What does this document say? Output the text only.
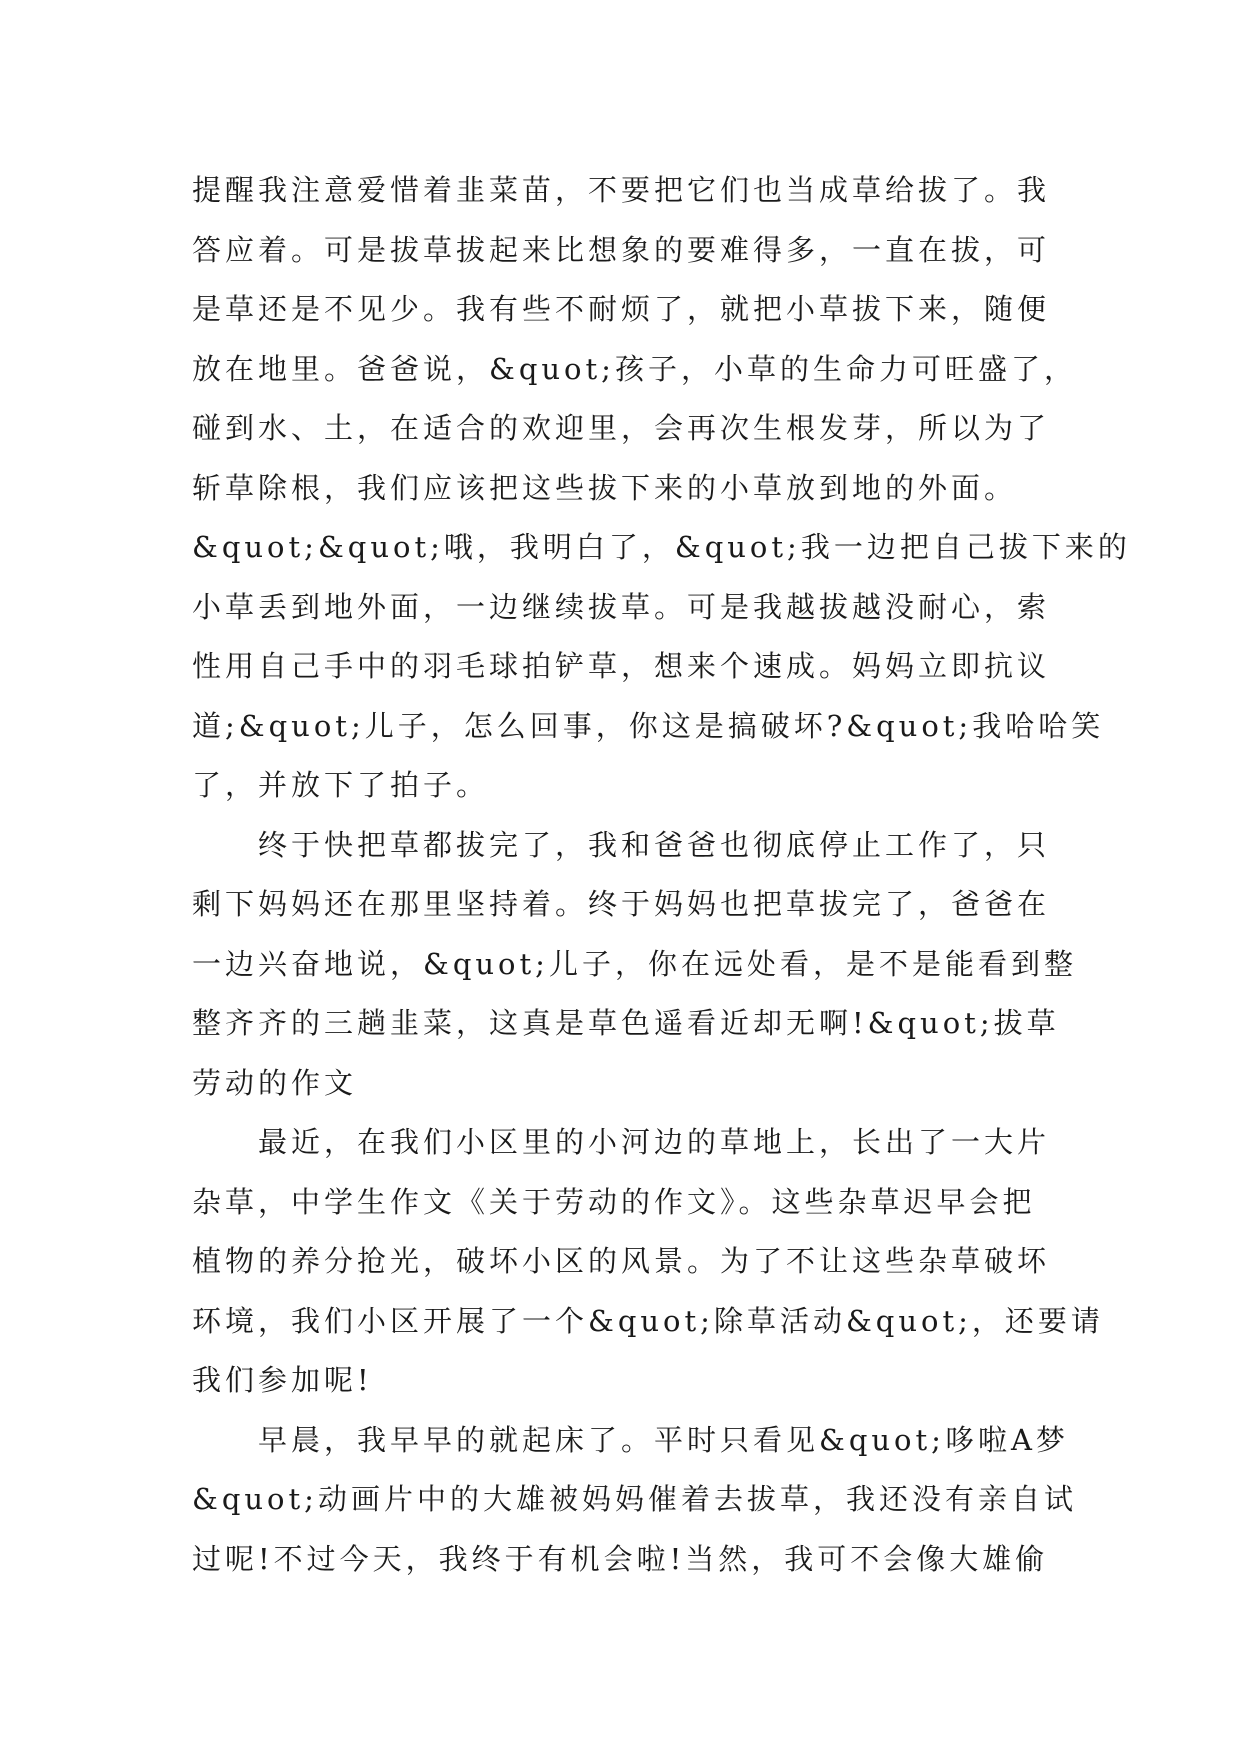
提醒我注意爱惜着韭菜苗，不要把它们也当成草给拔了。我
答应着。可是拔草拔起来比想象的要难得多，一直在拔，可
是草还是不见少。我有些不耐烦了，就把小草拔下来，随便
放在地里。爸爸说，&quot;孩子，小草的生命力可旺盛了，
碰到水、土，在适合的欢迎里，会再次生根发芽，所以为了
斩草除根，我们应该把这些拔下来的小草放到地的外面。
&quot;&quot;哦，我明白了，&quot;我一边把自己拔下来的
小草丢到地外面，一边继续拔草。可是我越拔越没耐心，索
性用自己手中的羽毛球拍铲草，想来个速成。妈妈立即抗议
道;&quot;儿子，怎么回事，你这是搞破坏?&quot;我哈哈笑
了，并放下了拍子。
终于快把草都拔完了，我和爸爸也彻底停止工作了，只
剩下妈妈还在那里坚持着。终于妈妈也把草拔完了，爸爸在
一边兴奋地说，&quot;儿子，你在远处看，是不是能看到整
整齐齐的三趟韭菜，这真是草色遥看近却无啊!&quot;拔草
劳动的作文
最近，在我们小区里的小河边的草地上，长出了一大片
杂草，中学生作文《关于劳动的作文》。这些杂草迟早会把
植物的养分抢光，破坏小区的风景。为了不让这些杂草破坏
环境，我们小区开展了一个&quot;除草活动&quot;，还要请
我们参加呢!
早晨，我早早的就起床了。平时只看见&quot;哆啦A梦
&quot;动画片中的大雄被妈妈催着去拔草，我还没有亲自试
过呢!不过今天，我终于有机会啦!当然，我可不会像大雄偷
